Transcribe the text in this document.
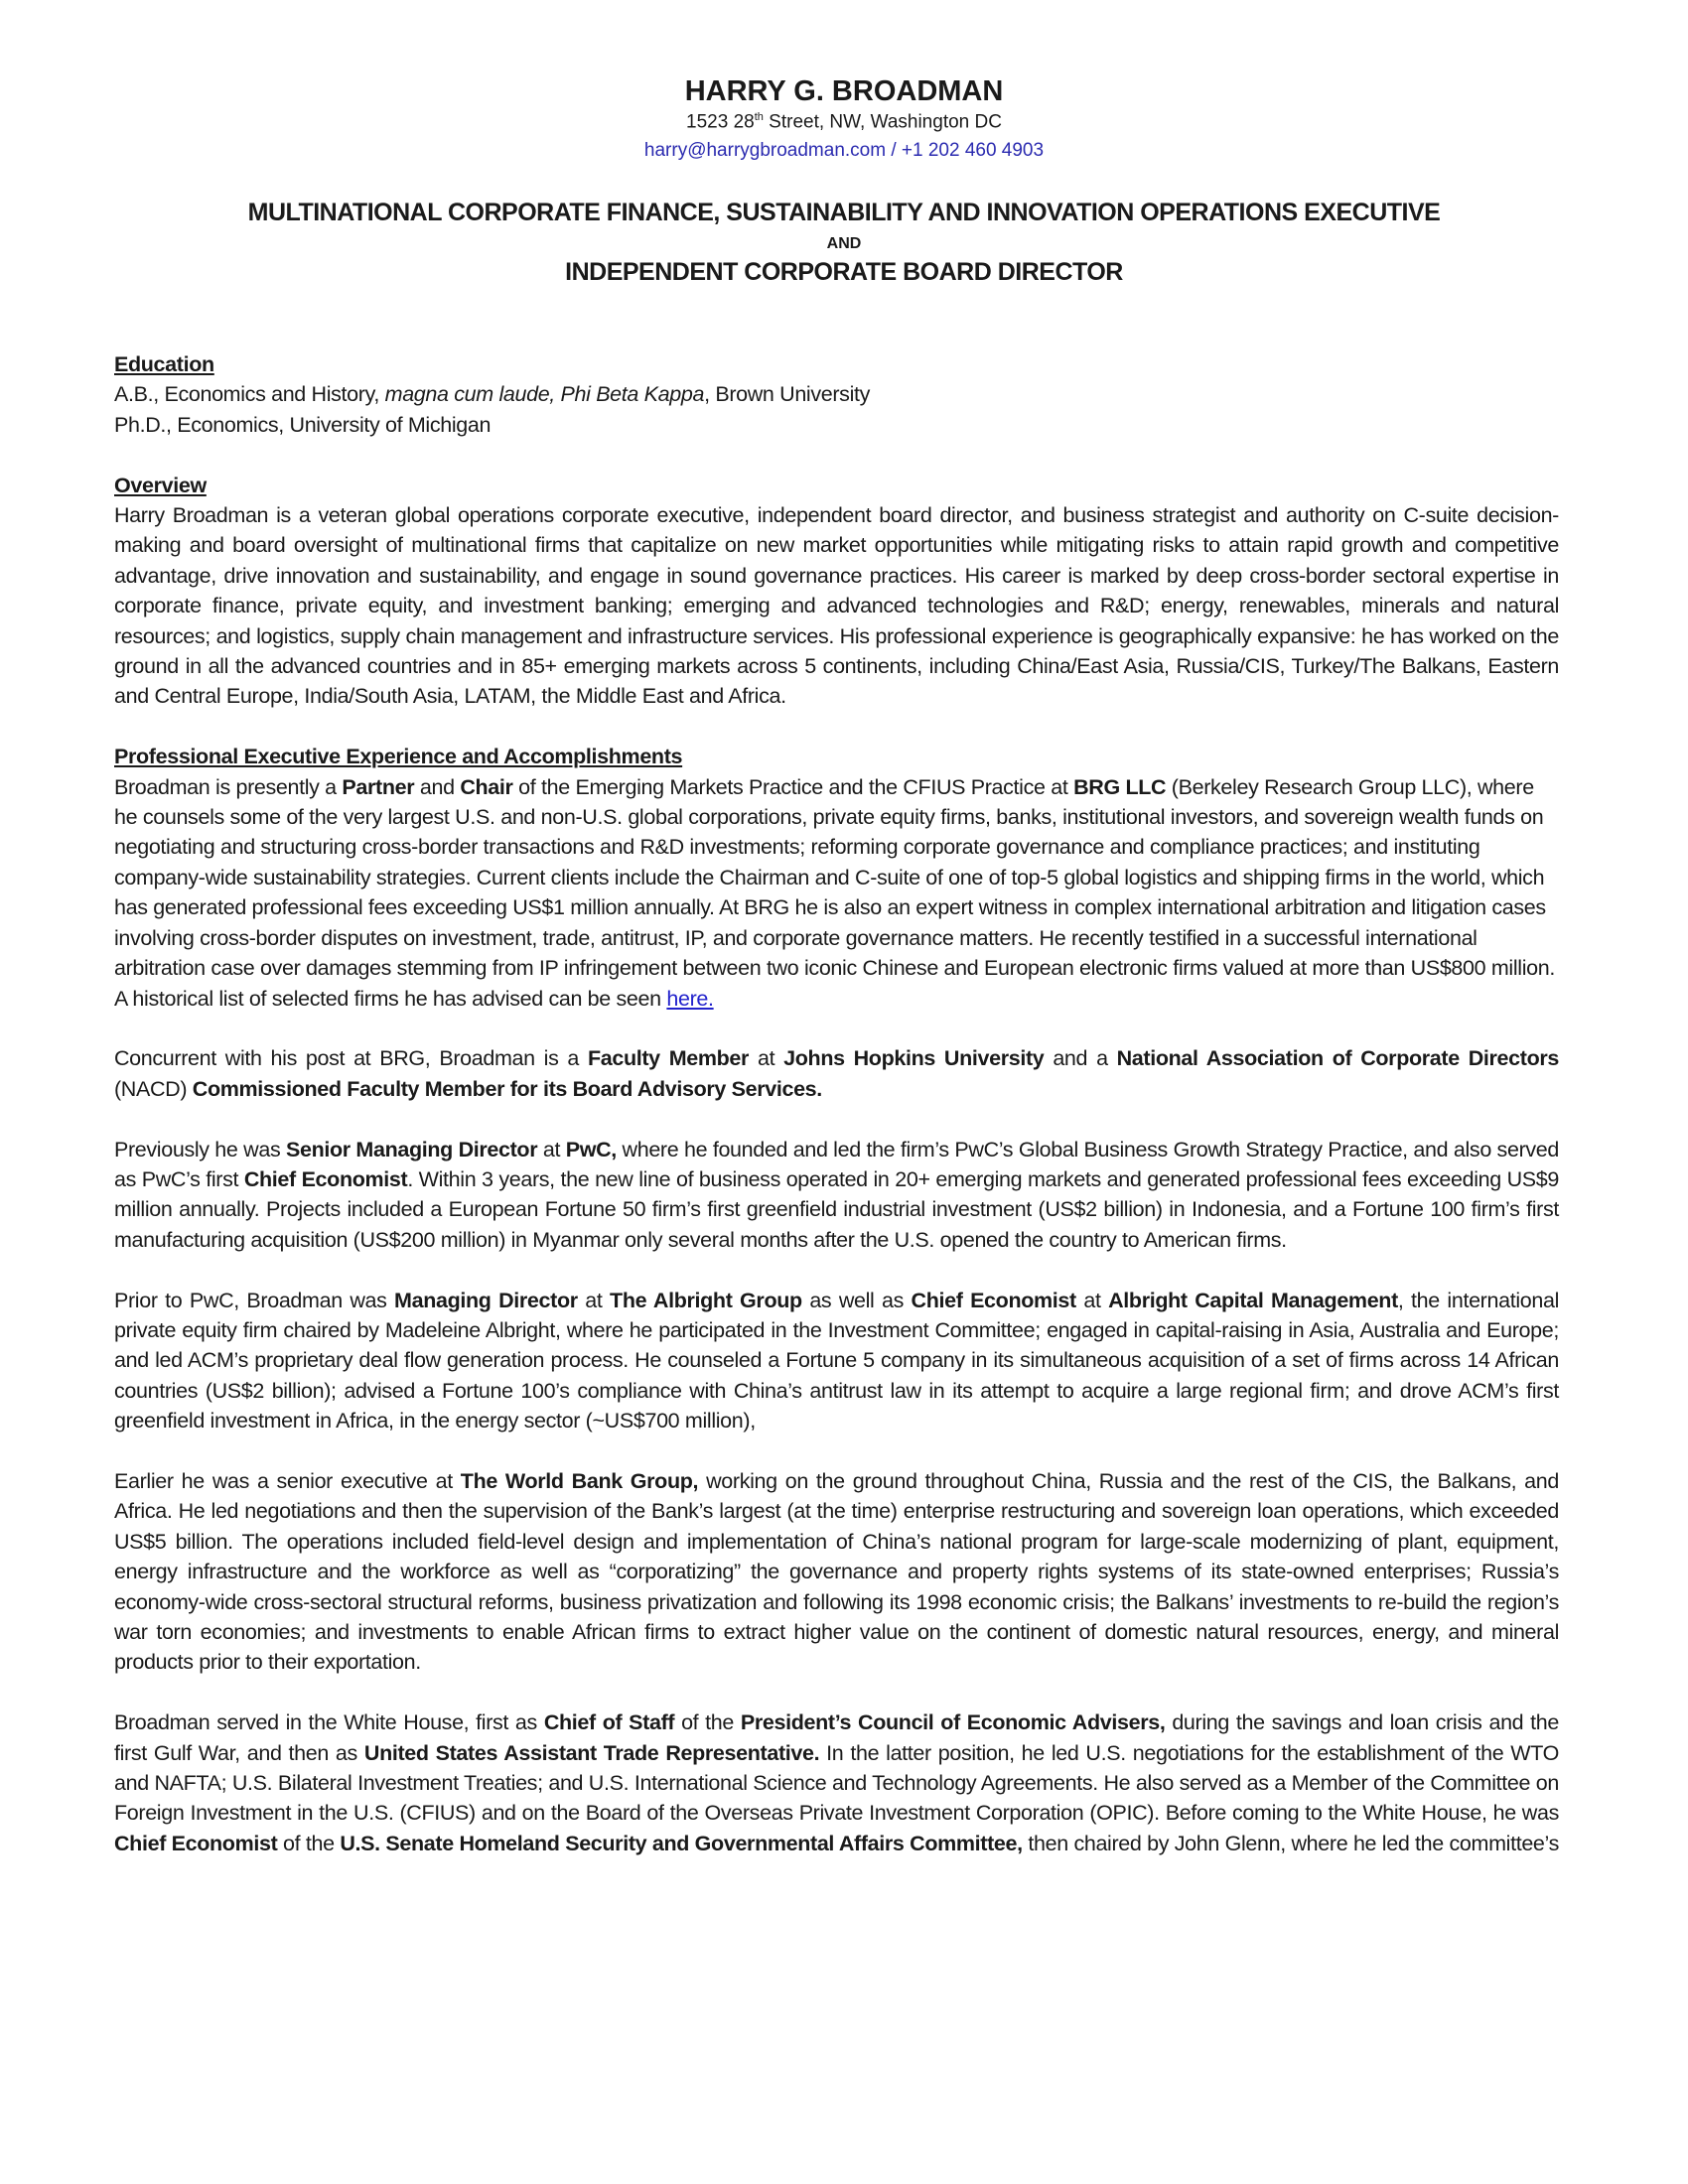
HARRY G. BROADMAN
1523 28th Street, NW, Washington DC
harry@harrygbroadman.com / +1 202 460 4903
MULTINATIONAL CORPORATE FINANCE, SUSTAINABILITY AND INNOVATION OPERATIONS EXECUTIVE
AND
INDEPENDENT CORPORATE BOARD DIRECTOR
Education
A.B., Economics and History, magna cum laude, Phi Beta Kappa, Brown University
Ph.D., Economics, University of Michigan
Overview

Harry Broadman is a veteran global operations corporate executive, independent board director, and business strategist and authority on C-suite decision-making and board oversight of multinational firms that capitalize on new market opportunities while mitigating risks to attain rapid growth and competitive advantage, drive innovation and sustainability, and engage in sound governance practices. His career is marked by deep cross-border sectoral expertise in corporate finance, private equity, and investment banking; emerging and advanced technologies and R&D; energy, renewables, minerals and natural resources; and logistics, supply chain management and infrastructure services. His professional experience is geographically expansive: he has worked on the ground in all the advanced countries and in 85+ emerging markets across 5 continents, including China/East Asia, Russia/CIS, Turkey/The Balkans, Eastern and Central Europe, India/South Asia, LATAM, the Middle East and Africa.

Professional Executive Experience and Accomplishments

Broadman is presently a Partner and Chair of the Emerging Markets Practice and the CFIUS Practice at BRG LLC (Berkeley Research Group LLC), where he counsels some of the very largest U.S. and non-U.S. global corporations, private equity firms, banks, institutional investors, and sovereign wealth funds on negotiating and structuring cross-border transactions and R&D investments; reforming corporate governance and compliance practices; and instituting company-wide sustainability strategies. Current clients include the Chairman and C-suite of one of top-5 global logistics and shipping firms in the world, which has generated professional fees exceeding US$1 million annually. At BRG he is also an expert witness in complex international arbitration and litigation cases involving cross-border disputes on investment, trade, antitrust, IP, and corporate governance matters. He recently testified in a successful international arbitration case over damages stemming from IP infringement between two iconic Chinese and European electronic firms valued at more than US$800 million. A historical list of selected firms he has advised can be seen here.

Concurrent with his post at BRG, Broadman is a Faculty Member at Johns Hopkins University and a National Association of Corporate Directors (NACD) Commissioned Faculty Member for its Board Advisory Services.

Previously he was Senior Managing Director at PwC, where he founded and led the firm’s PwC’s Global Business Growth Strategy Practice, and also served as PwC’s first Chief Economist. Within 3 years, the new line of business operated in 20+ emerging markets and generated professional fees exceeding US$9 million annually. Projects included a European Fortune 50 firm’s first greenfield industrial investment (US$2 billion) in Indonesia, and a Fortune 100 firm’s first manufacturing acquisition (US$200 million) in Myanmar only several months after the U.S. opened the country to American firms.

Prior to PwC, Broadman was Managing Director at The Albright Group as well as Chief Economist at Albright Capital Management, the international private equity firm chaired by Madeleine Albright, where he participated in the Investment Committee; engaged in capital-raising in Asia, Australia and Europe; and led ACM’s proprietary deal flow generation process. He counseled a Fortune 5 company in its simultaneous acquisition of a set of firms across 14 African countries (US$2 billion); advised a Fortune 100’s compliance with China’s antitrust law in its attempt to acquire a large regional firm; and drove ACM’s first greenfield investment in Africa, in the energy sector (~US$700 million),

Earlier he was a senior executive at The World Bank Group, working on the ground throughout China, Russia and the rest of the CIS, the Balkans, and Africa. He led negotiations and then the supervision of the Bank’s largest (at the time) enterprise restructuring and sovereign loan operations, which exceeded US$5 billion. The operations included field-level design and implementation of China’s national program for large-scale modernizing of plant, equipment, energy infrastructure and the workforce as well as “corporatizing” the governance and property rights systems of its state-owned enterprises; Russia’s economy-wide cross-sectoral structural reforms, business privatization and following its 1998 economic crisis; the Balkans’ investments to re-build the region’s war torn economies; and investments to enable African firms to extract higher value on the continent of domestic natural resources, energy, and mineral products prior to their exportation.

Broadman served in the White House, first as Chief of Staff of the President’s Council of Economic Advisers, during the savings and loan crisis and the first Gulf War, and then as United States Assistant Trade Representative. In the latter position, he led U.S. negotiations for the establishment of the WTO and NAFTA; U.S. Bilateral Investment Treaties; and U.S. International Science and Technology Agreements. He also served as a Member of the Committee on Foreign Investment in the U.S. (CFIUS) and on the Board of the Overseas Private Investment Corporation (OPIC). Before coming to the White House, he was Chief Economist of the U.S. Senate Homeland Security and Governmental Affairs Committee, then chaired by John Glenn, where he led the committee’s
